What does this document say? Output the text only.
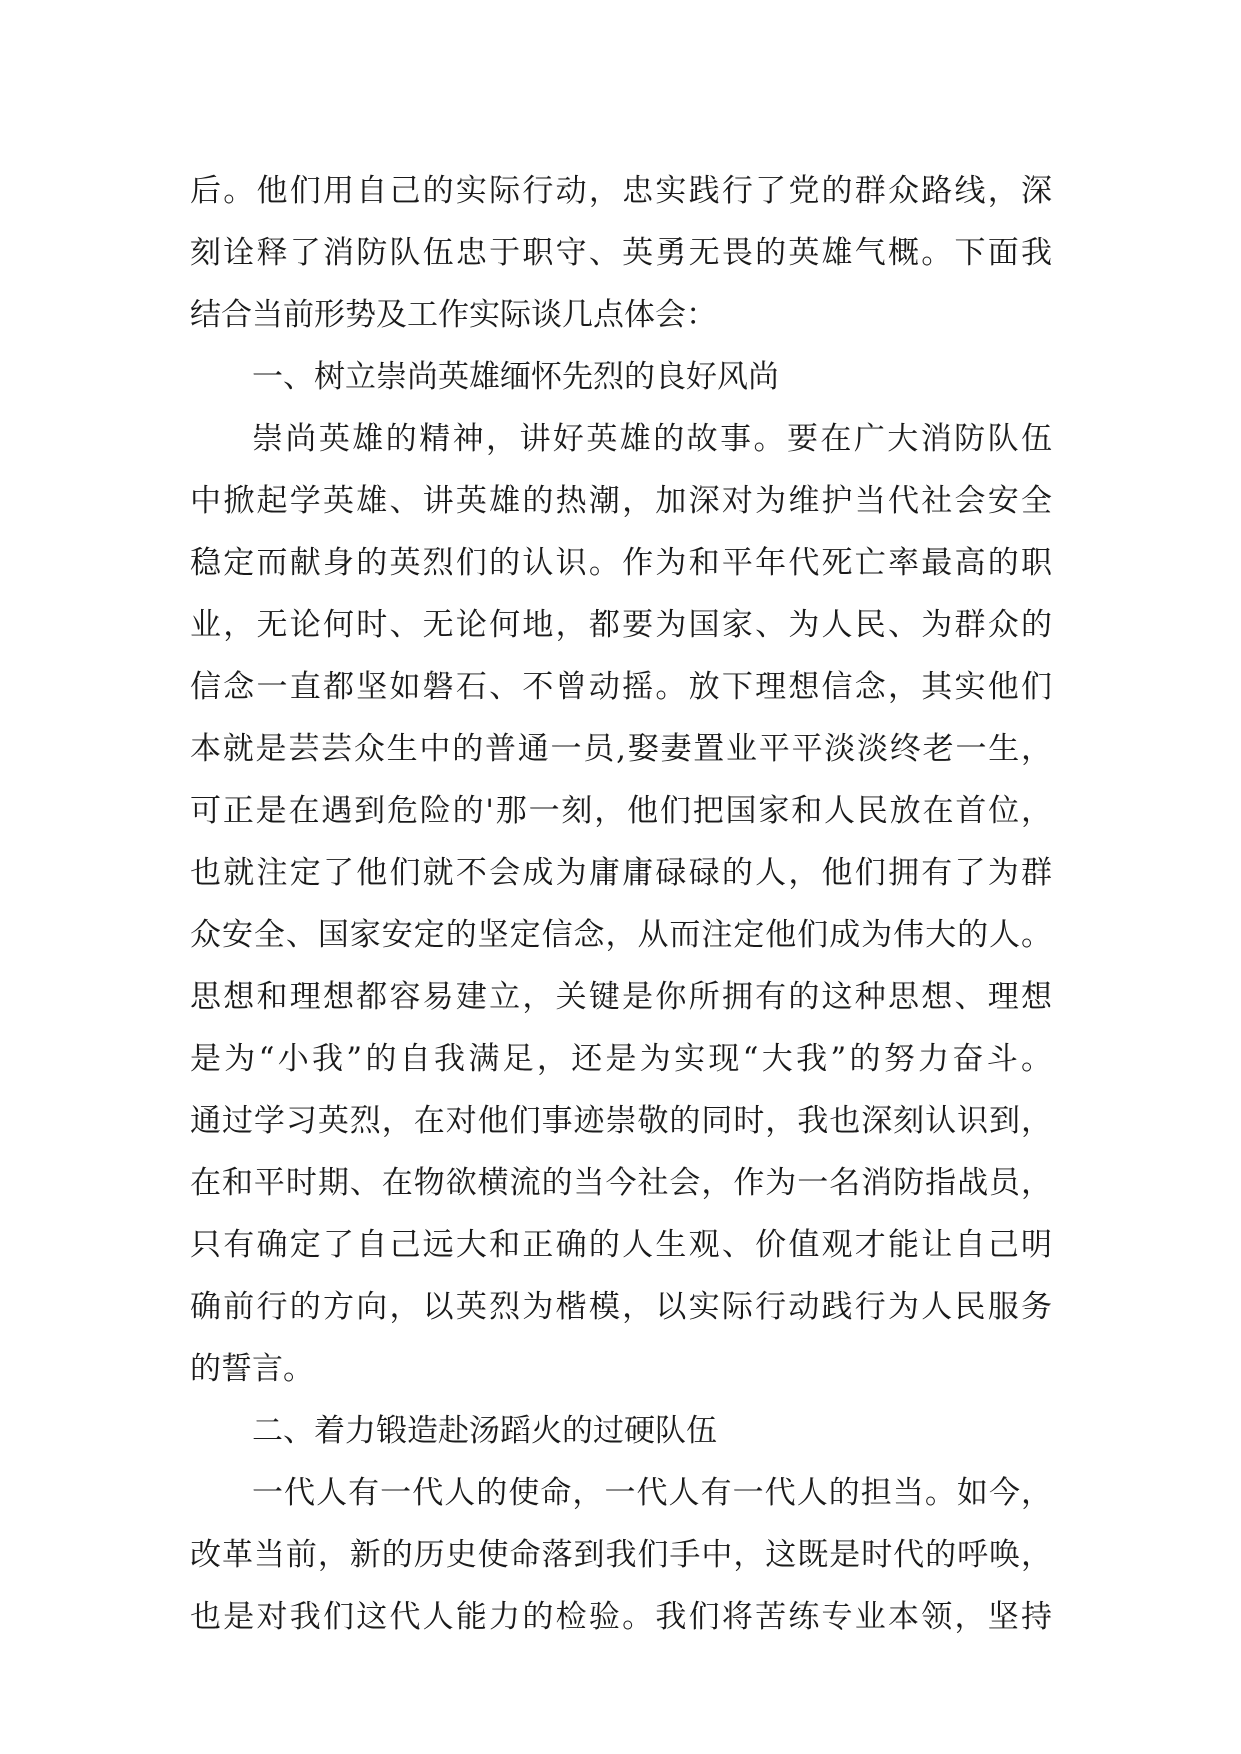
后。他们用自己的实际行动，忠实践行了党的群众路线，深
刻诠释了消防队伍忠于职守、英勇无畏的英雄气概。下面我
结合当前形势及工作实际谈几点体会：
一、树立崇尚英雄缅怀先烈的良好风尚
崇尚英雄的精神，讲好英雄的故事。要在广大消防队伍
中掀起学英雄、讲英雄的热潮，加深对为维护当代社会安全
稳定而献身的英烈们的认识。作为和平年代死亡率最高的职
业，无论何时、无论何地，都要为国家、为人民、为群众的
信念一直都坚如磐石、不曾动摇。放下理想信念，其实他们
本就是芸芸众生中的普通一员,娶妻置业平平淡淡终老一生，
可正是在遇到危险的'那一刻，他们把国家和人民放在首位，
也就注定了他们就不会成为庸庸碌碌的人，他们拥有了为群
众安全、国家安定的坚定信念，从而注定他们成为伟大的人。
思想和理想都容易建立，关键是你所拥有的这种思想、理想
是为“小我”的自我满足，还是为实现“大我”的努力奋斗。
通过学习英烈，在对他们事迹崇敬的同时，我也深刻认识到，
在和平时期、在物欲横流的当今社会，作为一名消防指战员，
只有确定了自己远大和正确的人生观、价值观才能让自己明
确前行的方向，以英烈为楷模，以实际行动践行为人民服务
的誓言。
二、着力锻造赴汤蹈火的过硬队伍
一代人有一代人的使命，一代人有一代人的担当。如今，
改革当前，新的历史使命落到我们手中，这既是时代的呼唤，
也是对我们这代人能力的检验。我们将苦练专业本领，坚持
